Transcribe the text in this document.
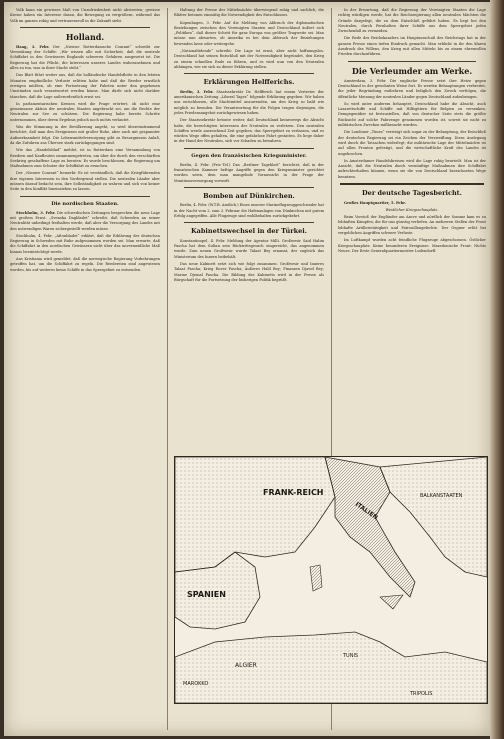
Volk kann ein gewisses Maß von Unzufriedenheit nicht abstreiten; gewisse Kreise haben ein Interesse daran, die Bewegung zu vergrößern, während das Volk im ganzen ruhig und vertrauensvoll in die Zukunft sieht.

Holland.

Haag, 3. Febr. Der „Nieuwe Rotterdamsche Courant“ schreibt zur Versenkung der Schiffe: „Wir wissen alle mit Sicherheit, daß die neutrale Schiffahrt in den Gewässern Englands schweren Gefahren ausgesetzt ist. Die Regierung hat die Pflicht, die Interessen unseres Landes wahrzunehmen und alles zu tun, was in ihrer Macht steht.“

Das Blatt führt weiter aus, daß die holländische Handelsflotte in den letzten Monaten empfindliche Verluste erlitten habe und daß die Reeder ernstlich erwägen müßten, ob eine Fortsetzung der Fahrten unter den gegebenen Umständen noch verantwortet werden könne. Man dürfe sich nicht darüber täuschen, daß die Lage außerordentlich ernst sei.

In parlamentarischen Kreisen wird die Frage erörtert, ob nicht eine gemeinsame Aktion der neutralen Staaten angebracht sei, um die Rechte der Neutralen zur See zu schützen. Die Regierung habe bereits Schritte unternommen, über deren Ergebnis jedoch noch nichts verlautet.

Was die Stimmung in der Bevölkerung angeht, so wird übereinstimmend berichtet, daß man den Ereignissen mit großer Ruhe, aber auch mit gespannter Aufmerksamkeit folgt. Die Lebensmittelversorgung gibt zu Besorgnissen Anlaß, da die Zufuhren aus Übersee stark zurückgegangen sind.

Wie das „Handelsblad“ meldet, ist in Rotterdam eine Versammlung von Reedern und Kaufleuten zusammengetreten, um über die durch den verschärften Seekrieg geschaffene Lage zu beraten. Es wurde beschlossen, die Regierung um Maßnahmen zum Schutze der Schiffahrt zu ersuchen.

Der „Nieuwe Courant“ bemerkt: Es ist verständlich, daß die Kriegführenden ihre eigenen Interessen in den Vordergrund stellen. Die neutralen Länder aber müssen darauf bedacht sein, ihre Selbständigkeit zu wahren und sich von keiner Seite in den Konflikt hineinziehen zu lassen.

Die nordischen Staaten.

Stockholm, 3. Febr. Die schwedischen Zeitungen besprechen die neue Lage mit großem Ernst. „Svenska Dagbladet“ schreibt, daß Schweden an seiner Neutralität unbedingt festhalten werde, daß aber die Versorgung des Landes mit den notwendigen Waren sichergestellt werden müsse.

Stockholm, 4. Febr. „Aftonbladet“ erklärt, daß die Erklärung der deutschen Regierung in Schweden mit Ruhe aufgenommen worden sei. Man erwarte, daß die Schiffahrt in den nordischen Gewässern nicht über das unvermeidliche Maß hinaus beeinträchtigt werde.

Aus Kristiania wird gemeldet, daß die norwegische Regierung Vorkehrungen getroffen hat, um die Schiffahrt zu regeln. Die Reedereien sind angewiesen worden, bis auf weiteres keine Schiffe in das Sperrgebiet zu entsenden.

Haltung der Presse der Mittelmächte überwiegend ruhig und sachlich; die Blätter betonen einmütig die Notwendigkeit des Entschlusses.

Kopenhagen, 3. Febr. Auf die Meldung von Abbruch der diplomatischen Beziehungen zwischen den Vereinigten Staaten und Deutschland äußert sich „Politiken“, daß dieser Schritt für ganz Europa von größter Tragweite sei. Man müsse nun abwarten, ob Amerika es bei dem Abbruch der Beziehungen bewenden lasse oder weitergehe.

„Nationaltidende“ schreibt: Die Lage ist ernst, aber nicht hoffnungslos. Deutschland hat seinen Entschluß mit der Notwendigkeit begründet, den Krieg zu einem schnellen Ende zu führen, und es wird nun von den Neutralen abhängen, wie sie sich zu dieser Erklärung stellen.

Erklärungen Helfferichs.

Berlin, 3. Febr. Staatssekretär Dr. Helfferich hat einem Vertreter der amerikanischen Zeitung „Liberal Tages“ folgende Erklärung gegeben: Wir haben uns entschlossen, alle Machtmittel anzuwenden, um den Krieg so bald wie möglich zu beenden. Die Verantwortung für die Folgen tragen diejenigen, die jedes Friedensangebot zurückgewiesen haben.

Der Staatssekretär betonte weiter, daß Deutschland keineswegs die Absicht habe, die berechtigten Interessen der Neutralen zu verletzen. Den neutralen Schiffen werde ausreichend Zeit gegeben, das Sperrgebiet zu verlassen, und es würden Wege offen gehalten, die eine gefahrlose Fahrt gestatten. Es liege daher in der Hand der Neutralen, sich vor Schaden zu bewahren.

Gegen den französischen Kriegsminister.

Berlin, 4. Febr. (Priv.-Tel.) Das „Berliner Tageblatt“ berichtet, daß in der französischen Kammer heftige Angriffe gegen den Kriegsminister gerichtet worden seien, dem man mangelnde Voraussicht in der Frage der Munitionsversorgung vorwirft.

Bomben auf Dünkirchen.

Berlin, 4. Febr. (W.T.B. Amtlich.) Eines unserer Marineflugzeuggeschwader hat in der Nacht vom 2. zum 3. Februar die Hafenanlagen von Dünkirchen mit gutem Erfolg angegriffen. Alle Flugzeuge sind wohlbehalten zurückgekehrt.

Kabinettswechsel in der Türkei.

Konstantinopel, 4. Febr. Meldung der Agentur Milli. Großwesir Said Halim Pascha hat dem Sultan sein Rücktrittsgesuch eingereicht, das angenommen wurde. Zum neuen Großwesir wurde Talaat Bey ernannt, der zugleich das Ministerium des Innern beibehält.

Das neue Kabinett setzt sich wie folgt zusammen: Großwesir und Inneres Talaat Pascha; Krieg Enver Pascha; Äußeres Halil Bey; Finanzen Djavid Bey; Marine Djemal Pascha. Die Bildung des Kabinetts wird in der Presse als Bürgschaft für die Fortsetzung der bisherigen Politik begrüßt.

In der Erwartung, daß die Regierung der Vereinigten Staaten die Lage richtig würdigen werde, hat die Reichsregierung allen neutralen Mächten die Gründe dargelegt, die zu dem Entschluß geführt haben. Es liegt bei den Neutralen, durch Fernhalten ihrer Schiffe aus dem Sperrgebiet jeden Zwischenfall zu vermeiden.

Die Rede des Reichskanzlers im Hauptausschuß des Reichstags hat in der ganzen Presse einen tiefen Eindruck gemacht. Man erblickt in ihr den klaren Ausdruck des Willens, den Krieg mit allen Mitteln bis zu einem ehrenvollen Frieden durchzuführen.

Die Verleumder am Werke.

Amsterdam, 3. Febr. Die englische Presse setzt ihre Hetze gegen Deutschland in der gewohnten Weise fort. Es werden Behauptungen verbreitet, die jeder Begründung entbehren und lediglich den Zweck verfolgen, die öffentliche Meinung der neutralen Länder gegen Deutschland aufzubringen.

So wird unter anderem behauptet, Deutschland habe die Absicht, auch Lazarettschiffe und Schiffe mit Hilfsgütern für Belgien zu versenken. Demgegenüber ist festzustellen, daß von deutscher Seite stets die größte Rücksicht auf solche Fahrzeuge genommen worden ist, soweit sie nicht zu militärischen Zwecken mißbraucht wurden.

Die Londoner „Times“ versteigt sich sogar zu der Behauptung, der Entschluß der deutschen Regierung sei ein Zeichen der Verzweiflung. Diese Auslegung wird durch die Tatsachen widerlegt; die militärische Lage der Mittelmächte ist auf allen Fronten gefestigt, und die wirtschaftliche Kraft des Landes ist ungebrochen.

In Amsterdamer Handelskreisen wird die Lage ruhig beurteilt. Man ist der Ansicht, daß die Neutralen durch vernünftige Maßnahmen ihre Schiffahrt aufrechterhalten können, wenn sie die von Deutschland bezeichneten Wege benutzen.

Der deutsche Tagesbericht.

Großes Hauptquartier, 5. Febr.

Westlicher Kriegsschauplatz.

Beim Vorstoß der Engländer am Ancre und nördlich der Somme kam es zu lebhaften Kämpfen, die für uns günstig verliefen. An mehreren Stellen der Front lebhafte Artillerietätigkeit und Patrouillengefechte. Der Gegner erlitt bei vergeblichen Angriffen schwere Verluste.

Im Luftkampf wurden acht feindliche Flugzeuge abgeschossen. Östlicher Kriegsschauplatz: Keine besonderen Ereignisse. Mazedonische Front: Nichts Neues. Der Erste Generalquartiermeister Ludendorff.

FRANK-REICH
ITALIEN
SPANIEN
BALKANSTAATEN
ALGIER
TUNIS
MAROKKO
TRIPOLIS
